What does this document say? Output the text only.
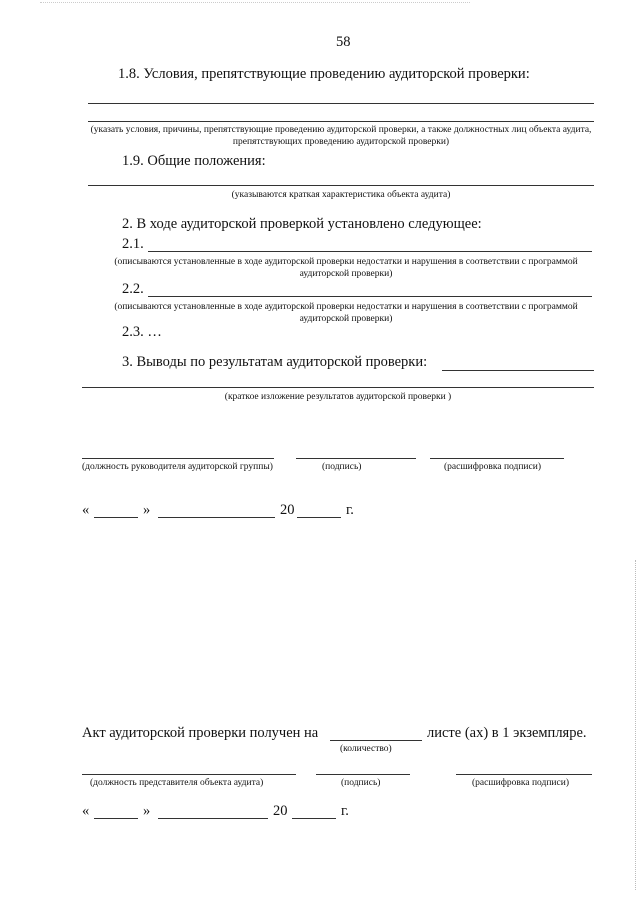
58
1.8. Условия, препятствующие проведению аудиторской проверки:
(указать условия, причины, препятствующие проведению аудиторской проверки, а также должностных лиц объекта аудита, препятствующих проведению аудиторской проверки)
1.9. Общие положения:
(указываются краткая характеристика объекта аудита)
2. В ходе аудиторской проверкой установлено следующее:
2.1.
(описываются установленные в ходе аудиторской проверки недостатки и нарушения в соответствии с программой аудиторской проверки)
2.2.
(описываются установленные в ходе аудиторской проверки недостатки и нарушения в соответствии с программой аудиторской проверки)
2.3. …
3. Выводы по результатам аудиторской проверки:
(краткое изложение результатов аудиторской проверки )
(должность руководителя аудиторской группы)	(подпись)	(расшифровка подписи)
«	»	20	г.
Акт аудиторской проверки получен на	листе (ах) в 1 экземпляре.
(количество)
(должность представителя объекта аудита)	(подпись)	(расшифровка подписи)
«	»	20	г.
